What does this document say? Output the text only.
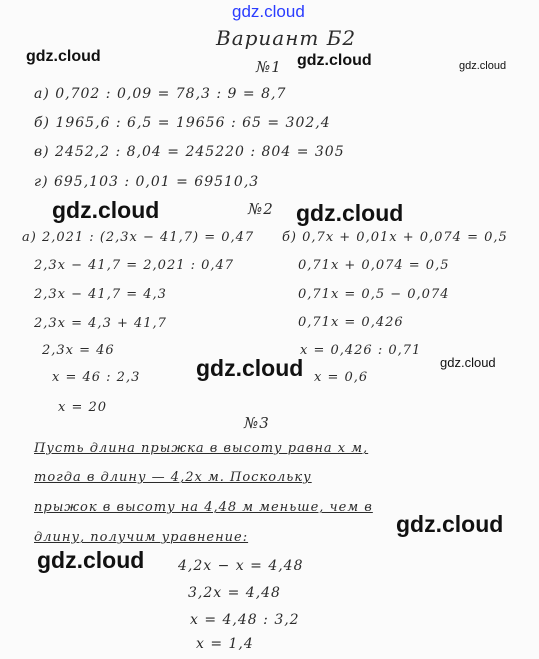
gdz.cloud
gdz.cloud	gdz.cloud	gdz.cloud
gdz.cloud	gdz.cloud
gdz.cloud	gdz.cloud
gdz.cloud
gdz.cloud
Вариант Б2
№1
а) 0,702 : 0,09 = 78,3 : 9 = 8,7
б) 1965,6 : 6,5 = 19656 : 65 = 302,4
в) 2452,2 : 8,04 = 245220 : 804 = 305
г) 695,103 : 0,01 = 69510,3
№2
а) 2,021 : (2,3x − 41,7) = 0,47
2,3x − 41,7 = 2,021 : 0,47
2,3x − 41,7 = 4,3
2,3x = 4,3 + 41,7
2,3x = 46
x = 46 : 2,3
x = 20
б) 0,7x + 0,01x + 0,074 = 0,5
0,71x + 0,074 = 0,5
0,71x = 0,5 − 0,074
0,71x = 0,426
x = 0,426 : 0,71
x = 0,6
№3
Пусть длина прыжка в высоту равна x м,
тогда в длину — 4,2x м. Поскольку
прыжок в высоту на 4,48 м меньше, чем в
длину, получим уравнение:
4,2x − x = 4,48
3,2x = 4,48
x = 4,48 : 3,2
x = 1,4
